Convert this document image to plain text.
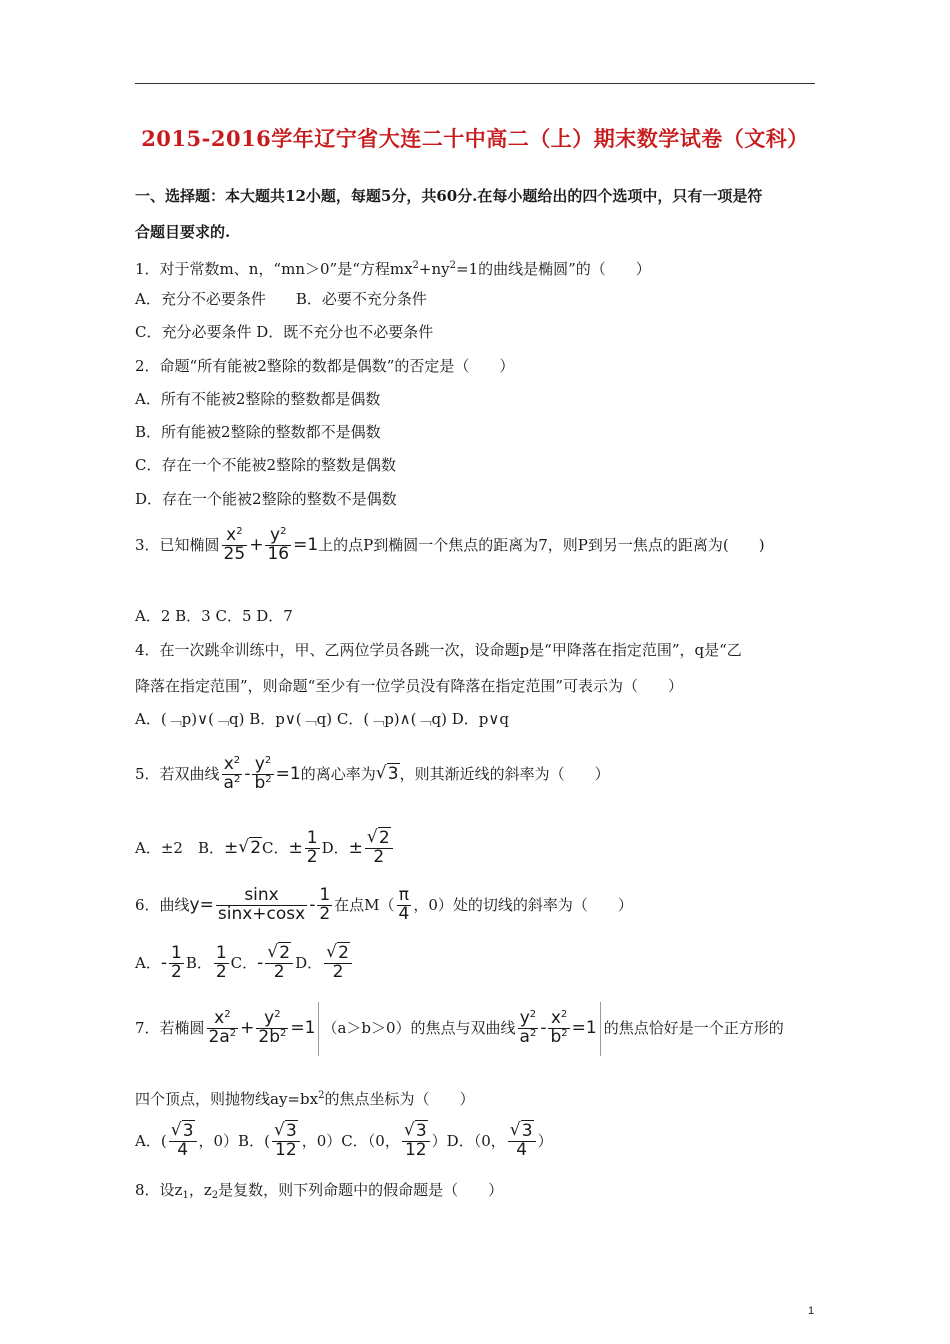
2015-2016学年辽宁省大连二十中高二（上）期末数学试卷（文科）
一、选择题：本大题共12小题，每题5分，共60分.在每小题给出的四个选项中，只有一项是符
合题目要求的.
1．对于常数m、n，“mn＞0”是“方程$mx^2+ny^2=1$的曲线是椭圆”的（　　）
A．充分不必要条件　　B．必要不充分条件
C．充分必要条件 D．既不充分也不必要条件
2．命题“所有能被2整除的数都是偶数”的否定是（　　）
A．所有不能被2整除的整数都是偶数
B．所有能被2整除的整数都不是偶数
C．存在一个不能被2整除的整数是偶数
D．存在一个能被2整除的整数不是偶数
3．已知椭圆 $\frac{x^2}{25} + \frac{y^2}{16} =1$上的点P到椭圆一个焦点的距离为7，则P到另一焦点的距离为(　　)
A．2 B．3 C．5 D．7
4．在一次跳伞训练中，甲、乙两位学员各跳一次，设命题p是“甲降落在指定范围”，q是“乙
降落在指定范围”，则命题“至少有一位学员没有降落在指定范围”可表示为（　　）
A．(﹁p)∨(﹁q) B．p∨(﹁q) C．(﹁p)∧(﹁q) D．p∨q
5．若双曲线 $\frac{x^2}{a^2} - \frac{y^2}{b^2} =1$的离心率为 √ 3，则其渐近线的斜率为（　　）
A．±2　B．± √ 2C．± $\frac{1}{2}$ D．± √ $\frac{2}{2}$
6．曲线$y= \frac{\sin x}{\sin x+\cos x} - \frac{1}{2}$ 在点$M( \frac{\pi}{4}$ ，0）处的切线的斜率为（　　）
A．- $\frac{1}{2}$ B． $\frac{1}{2}$ C．- √ $\frac{2}{2}$ D． √ $\frac{2}{2}$
7．若椭圆 $\frac{x^2}{2a^2} + \frac{y^2}{2b^2} =1$ （a＞b＞0）的焦点与双曲线 $\frac{y^2}{a^2} - \frac{x^2}{b^2} =1$ 的焦点恰好是一个正方形的
四个顶点，则抛物线$ay=bx^2$的焦点坐标为（　　）
A．( √ $\frac{3}{4}$ ，0）B．( √ $\frac{3}{12}$ ，0）C．（0， √ $\frac{3}{12} )D$．（0， √ $\frac{3}{4}$ ）
8．设$z_1$，$z_2$是复数，则下列命题中的假命题是（　　）
1
